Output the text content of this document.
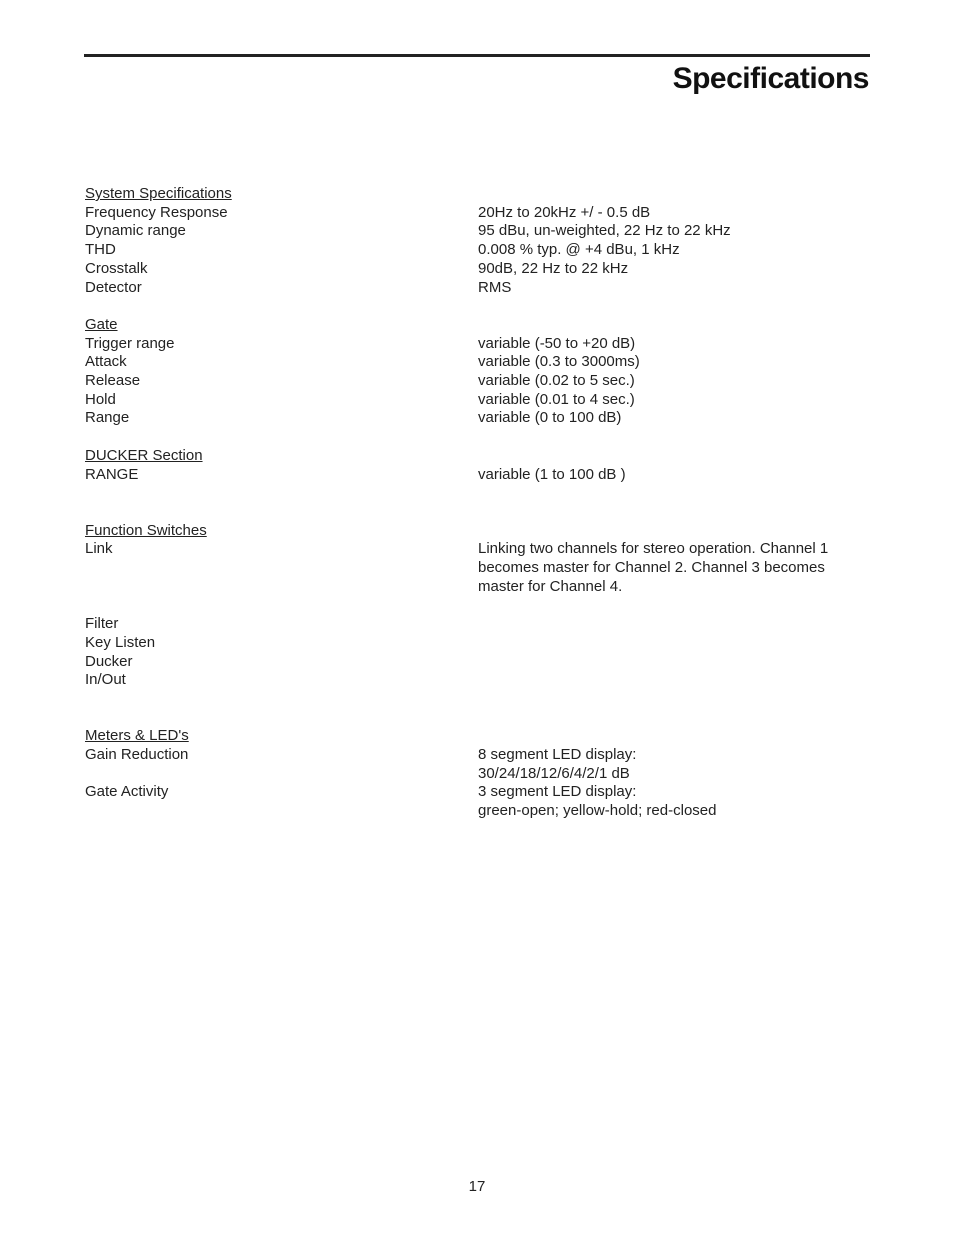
Specifications
System Specifications
Frequency Response	20Hz to 20kHz +/ - 0.5 dB
Dynamic range	95 dBu, un-weighted, 22 Hz to 22 kHz
THD	0.008 % typ. @ +4 dBu, 1 kHz
Crosstalk	90dB, 22 Hz to 22 kHz
Detector	RMS
Gate
Trigger range	variable (-50 to +20 dB)
Attack	variable (0.3 to 3000ms)
Release	variable (0.02 to 5 sec.)
Hold	variable (0.01 to 4 sec.)
Range	variable (0 to 100 dB)
DUCKER Section
RANGE	variable (1 to 100 dB )
Function Switches
Link	Linking two channels for stereo operation. Channel 1 becomes master for Channel 2. Channel 3 becomes master for Channel 4.
Filter
Key Listen
Ducker
In/Out
Meters & LED's
Gain Reduction	8 segment LED display:
30/24/18/12/6/4/2/1 dB
Gate Activity	3 segment LED display:
green-open; yellow-hold; red-closed
17
